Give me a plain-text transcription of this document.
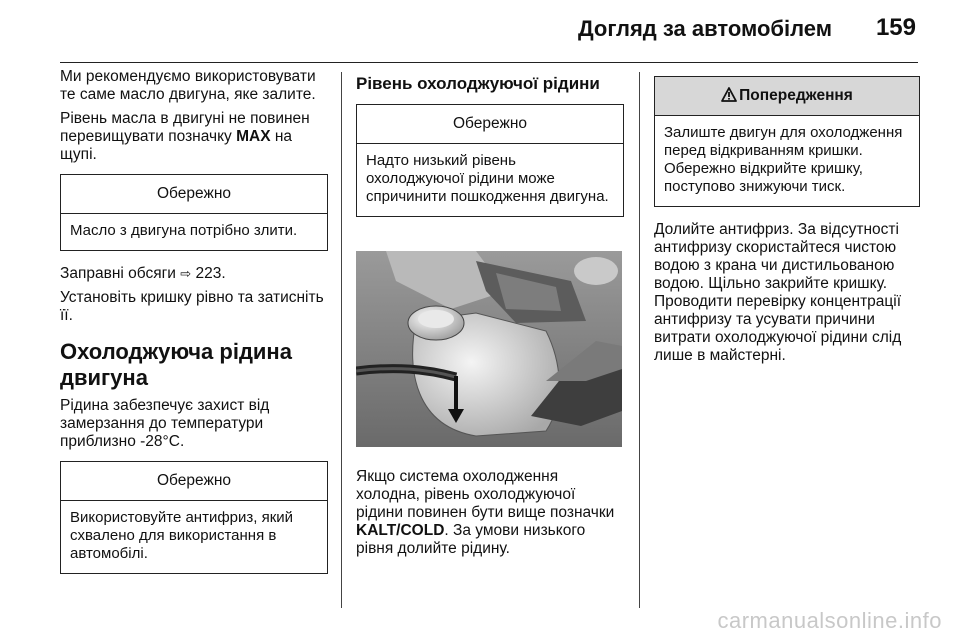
Догляд за автомобілем 159

Ми рекомендуємо використовувати те саме масло двигуна, яке залите.

Рівень масла в двигуні не повинен перевищувати позначку MAX на щупі.

Обережно
Масло з двигуна потрібно злити.

Заправні обсяги ⇨ 223.

Установіть кришку рівно та затисніть її.

Охолоджуюча рідина двигуна

Рідина забезпечує захист від замерзання до температури приблизно -28°C.

Обережно
Використовуйте антифриз, який схвалено для використання в автомобілі.
Рівень охолоджуючої рідини
Обережно
Надто низький рівень охолоджуючої рідини може спричинити пошкодження двигуна.

Якщо система охолодження холодна, рівень охолоджуючої рідини повинен бути вище позначки KALT/COLD. За умови низького рівня долийте рідину.

Попередження
Залиште двигун для охолодження перед відкриванням кришки. Обережно відкрийте кришку, поступово знижуючи тиск.

Долийте антифриз. За відсутності антифризу скористайтеся чистою водою з крана чи дистильованою водою. Щільно закрийте кришку. Проводити перевірку концентрації антифризу та усувати причини витрати охолоджуючої рідини слід лише в майстерні.

carmanualsonline.info
